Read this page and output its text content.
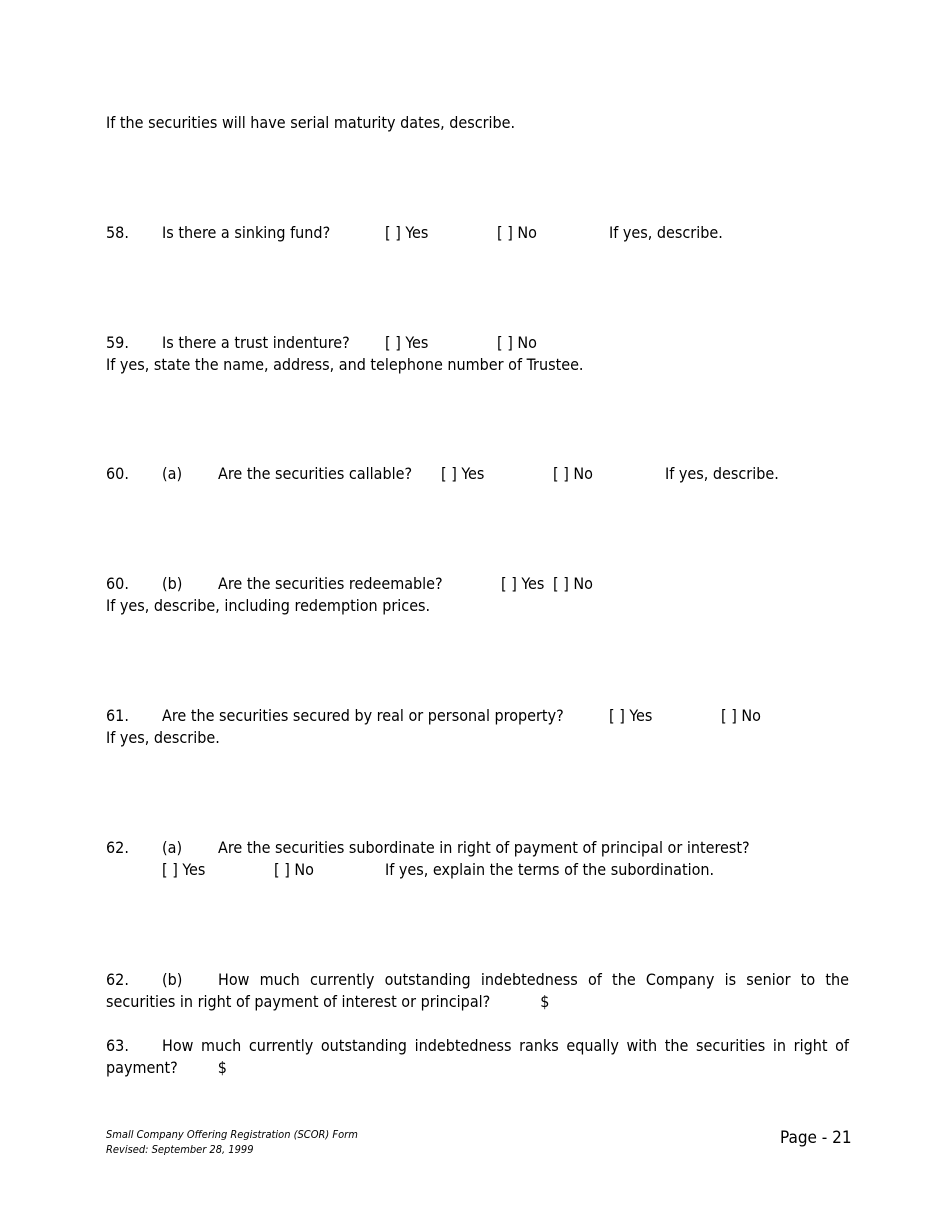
If the securities will have serial maturity dates, describe.
58. Is there a sinking fund?	[ ] Yes	[ ] No	If yes, describe.
59. Is there a trust indenture? [ ] Yes	[ ] No
If yes, state the name, address, and telephone number of Trustee.
60. (a) Are the securities callable? [ ] Yes	[ ] No	If yes, describe.
60. (b) Are the securities redeemable?	[ ] Yes [ ] No
If yes, describe, including redemption prices.
61. Are the securities secured by real or personal property?	[ ] Yes	[ ] No
If yes, describe.
62. (a) Are the securities subordinate in right of payment of principal or interest?
[ ] Yes	[ ] No	If yes, explain the terms of the subordination.
62. (b) How much currently outstanding indebtedness of the Company is senior to the securities in right of payment of interest or principal?	$
63. How much currently outstanding indebtedness ranks equally with the securities in right of payment?	$
Small Company Offering Registration (SCOR) Form
Revised: September 28, 1999
Page - 21
